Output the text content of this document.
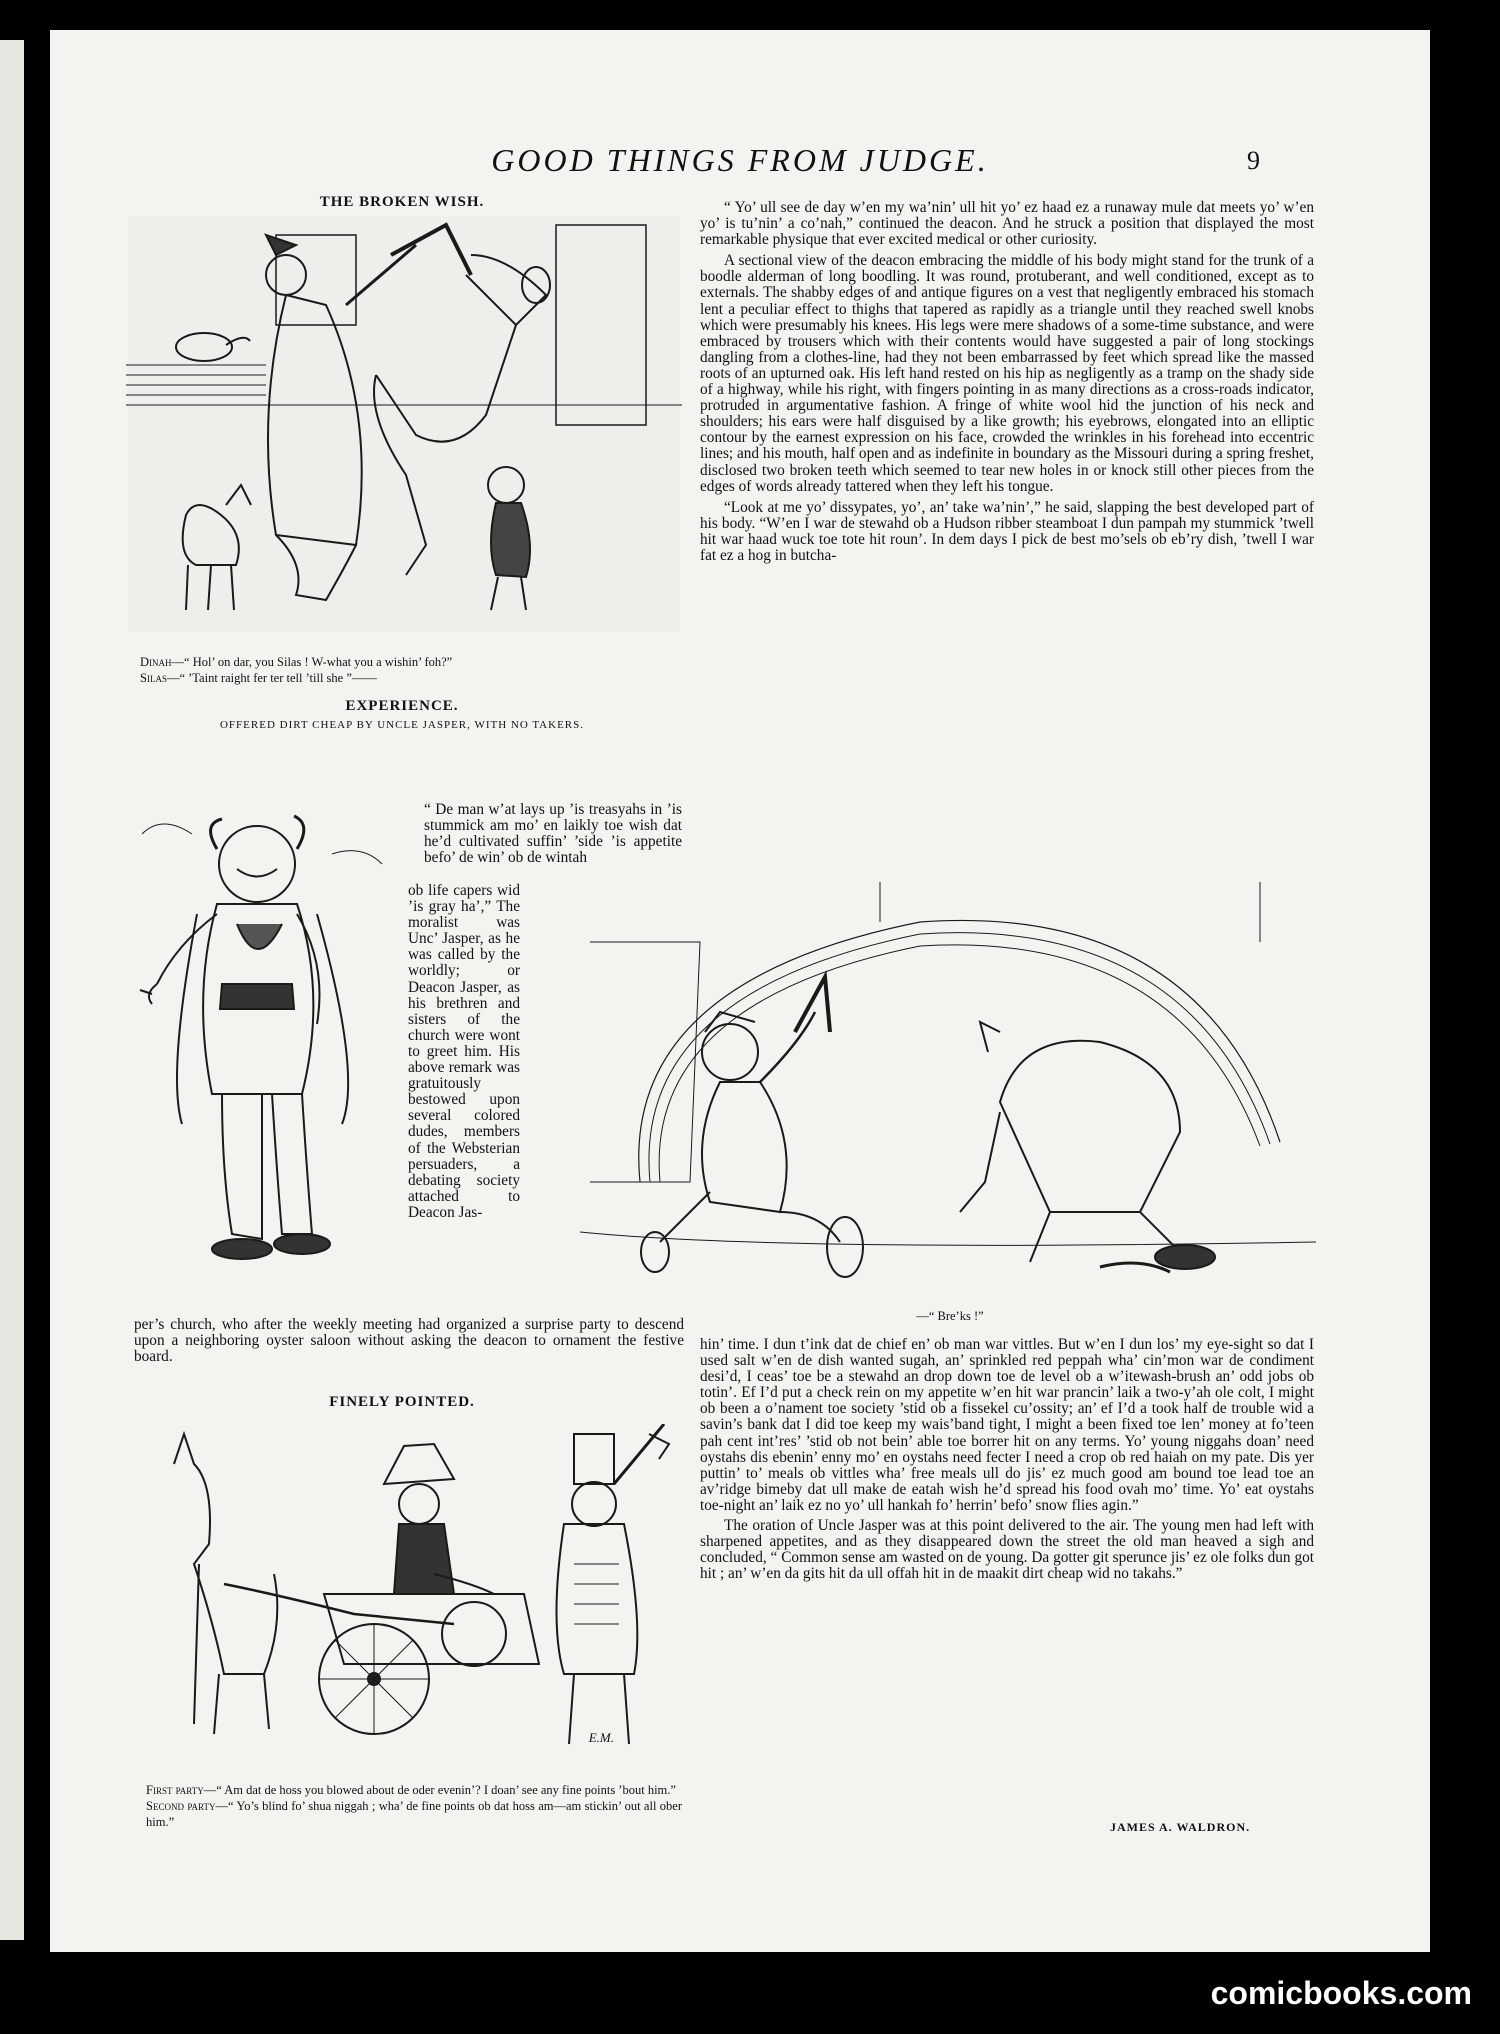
GOOD THINGS FROM JUDGE.	9
THE BROKEN WISH.
Dinah—“ Hol’ on dar, you Silas ! W-what you a wishin’ foh?”
Silas—“ ’Taint raight fer ter tell ’till she ”——
EXPERIENCE.

OFFERED DIRT CHEAP BY UNCLE JASPER, WITH NO TAKERS.

“ De man w’at lays up ’is treasyahs in ’is stummick am mo’ en laikly toe wish dat he’d cultivated suffin’ ’side ’is appetite befo’ de win’ ob de wintah

ob life capers wid ’is gray ha’,” The moralist was Unc’ Jasper, as he was called by the worldly; or Deacon Jasper, as his brethren and sisters of the church were wont to greet him. His above remark was gratuitously bestowed upon several colored dudes, members of the Websterian persuaders, a debating society attached to Deacon Jas-

per’s church, who after the weekly meeting had organized a surprise party to descend upon a neighboring oyster saloon without asking the deacon to ornament the festive board.

FINELY POINTED.
E.M.

First party—“ Am dat de hoss you blowed about de oder evenin’? I doan’ see any fine points ’bout him.”

Second party—“ Yo’s blind fo’ shua niggah ; wha’ de fine points ob dat hoss am—am stickin’ out all ober him.”

“ Yo’ ull see de day w’en my wa’nin’ ull hit yo’ ez haad ez a runaway mule dat meets yo’ w’en yo’ is tu’nin’ a co’nah,” continued the deacon. And he struck a position that displayed the most remarkable physique that ever excited medical or other curiosity.

A sectional view of the deacon embracing the middle of his body might stand for the trunk of a boodle alderman of long boodling. It was round, protuberant, and well conditioned, except as to externals. The shabby edges of and antique figures on a vest that negligently embraced his stomach lent a peculiar effect to thighs that tapered as rapidly as a triangle until they reached swell knobs which were presumably his knees. His legs were mere shadows of a some-time substance, and were embraced by trousers which with their contents would have suggested a pair of long stockings dangling from a clothes-line, had they not been embarrassed by feet which spread like the massed roots of an upturned oak. His left hand rested on his hip as negligently as a tramp on the shady side of a highway, while his right, with fingers pointing in as many directions as a cross-roads indicator, protruded in argumentative fashion. A fringe of white wool hid the junction of his neck and shoulders; his ears were half disguised by a like growth; his eyebrows, elongated into an elliptic contour by the earnest expression on his face, crowded the wrinkles in his forehead into eccentric lines; and his mouth, half open and as indefinite in boundary as the Missouri during a spring freshet, disclosed two broken teeth which seemed to tear new holes in or knock still other pieces from the edges of words already tattered when they left his tongue.

“Look at me yo’ dissypates, yo’, an’ take wa’nin’,” he said, slapping the best developed part of his body. “W’en I war de stewahd ob a Hudson ribber steamboat I dun pampah my stummick ’twell hit war haad wuck toe tote hit roun’. In dem days I pick de best mo’sels ob eb’ry dish, ’twell I war fat ez a hog in butcha-

—“ Bre’ks !”

hin’ time. I dun t’ink dat de chief en’ ob man war vittles. But w’en I dun los’ my eye-sight so dat I used salt w’en de dish wanted sugah, an’ sprinkled red peppah wha’ cin’mon war de condiment desi’d, I ceas’ toe be a stewahd an drop down toe de level ob a w’itewash-brush an’ odd jobs ob totin’. Ef I’d put a check rein on my appetite w’en hit war prancin’ laik a two-y’ah ole colt, I might ob been a o’nament toe society ’stid ob a fissekel cu’ossity; an’ ef I’d a took half de trouble wid a savin’s bank dat I did toe keep my wais’band tight, I might a been fixed toe len’ money at fo’teen pah cent int’res’ ’stid ob not bein’ able toe borrer hit on any terms. Yo’ young niggahs doan’ need oystahs dis ebenin’ enny mo’ en oystahs need fecter I need a crop ob red haiah on my pate. Dis yer puttin’ to’ meals ob vittles wha’ free meals ull do jis’ ez much good am bound toe lead toe an av’ridge bimeby dat ull make de eatah wish he’d spread his food ovah mo’ time. Yo’ eat oystahs toe-night an’ laik ez no yo’ ull hankah fo’ herrin’ befo’ snow flies agin.”

The oration of Uncle Jasper was at this point delivered to the air. The young men had left with sharpened appetites, and as they disappeared down the street the old man heaved a sigh and concluded, “ Common sense am wasted on de young. Da gotter git sperunce jis’ ez ole folks dun got hit ; an’ w’en da gits hit da ull offah hit in de maakit dirt cheap wid no takahs.”

JAMES A. WALDRON.
comicbooks.com
